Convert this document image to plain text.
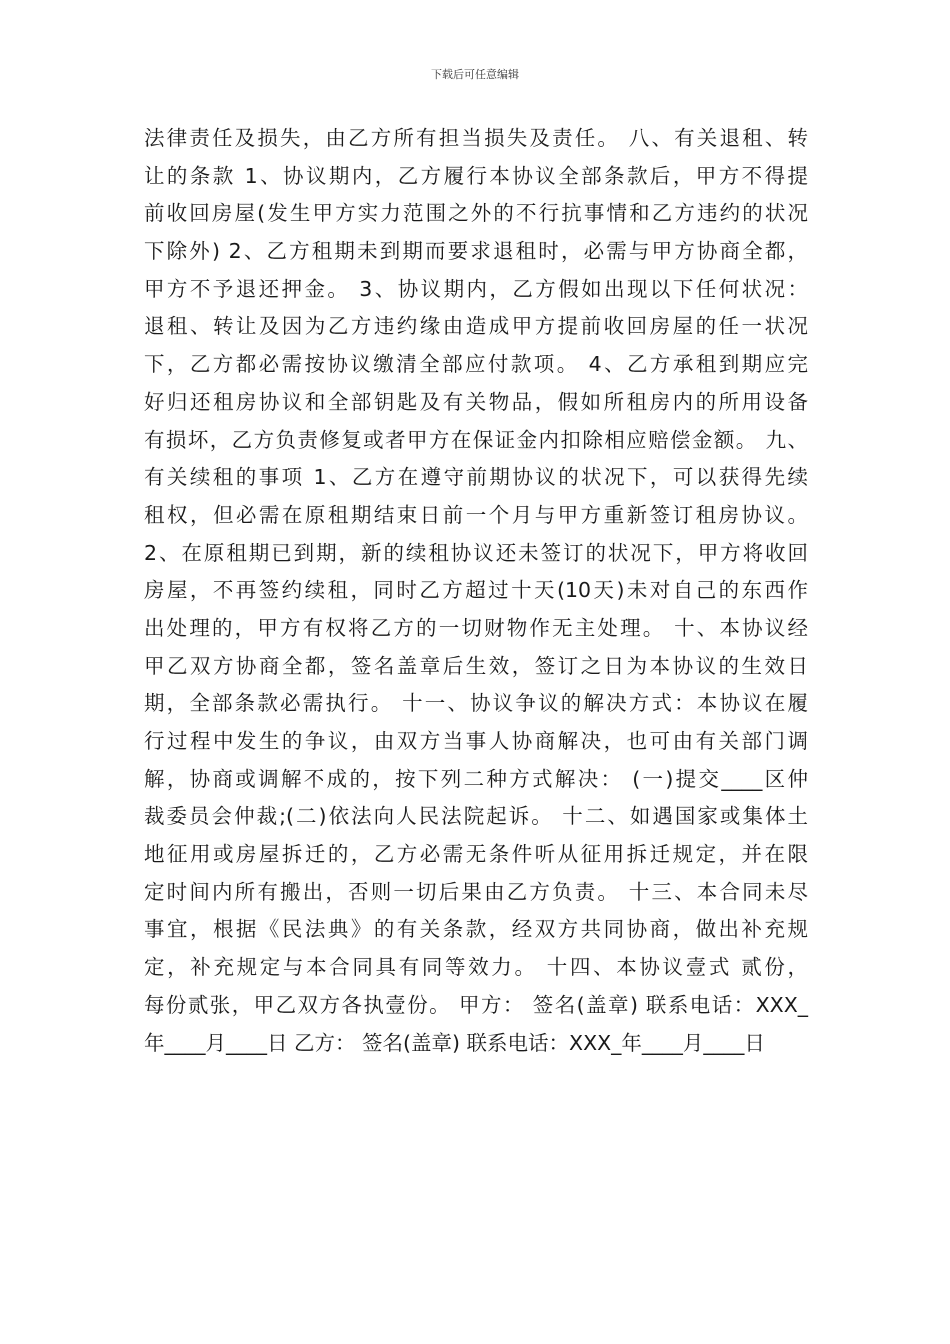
下载后可任意编辑
法律责任及损失，由乙方所有担当损失及责任。 八、有关退租、转
让的条款 1、协议期内，乙方履行本协议全部条款后，甲方不得提
前收回房屋(发生甲方实力范围之外的不行抗事情和乙方违约的状况
下除外) 2、乙方租期未到期而要求退租时，必需与甲方协商全都，
甲方不予退还押金。 3、协议期内，乙方假如出现以下任何状况：
退租、转让及因为乙方违约缘由造成甲方提前收回房屋的任一状况
下，乙方都必需按协议缴清全部应付款项。 4、乙方承租到期应完
好归还租房协议和全部钥匙及有关物品，假如所租房内的所用设备
有损坏，乙方负责修复或者甲方在保证金内扣除相应赔偿金额。 九、
有关续租的事项 1、乙方在遵守前期协议的状况下，可以获得先续
租权，但必需在原租期结束日前一个月与甲方重新签订租房协议。
2、在原租期已到期，新的续租协议还未签订的状况下，甲方将收回
房屋，不再签约续租，同时乙方超过十天(10天)未对自己的东西作
出处理的，甲方有权将乙方的一切财物作无主处理。 十、本协议经
甲乙双方协商全都，签名盖章后生效，签订之日为本协议的生效日
期，全部条款必需执行。 十一、协议争议的解决方式：本协议在履
行过程中发生的争议，由双方当事人协商解决，也可由有关部门调
解，协商或调解不成的，按下列二种方式解决： (一)提交____区仲
裁委员会仲裁;(二)依法向人民法院起诉。 十二、如遇国家或集体土
地征用或房屋拆迁的，乙方必需无条件听从征用拆迁规定，并在限
定时间内所有搬出，否则一切后果由乙方负责。 十三、本合同未尽
事宜，根据《民法典》的有关条款，经双方共同协商，做出补充规
定，补充规定与本合同具有同等效力。 十四、本协议壹式 贰份，
每份贰张，甲乙双方各执壹份。 甲方： 签名(盖章) 联系电话：XXX_
年____月____日 乙方： 签名(盖章) 联系电话：XXX_年____月____日
